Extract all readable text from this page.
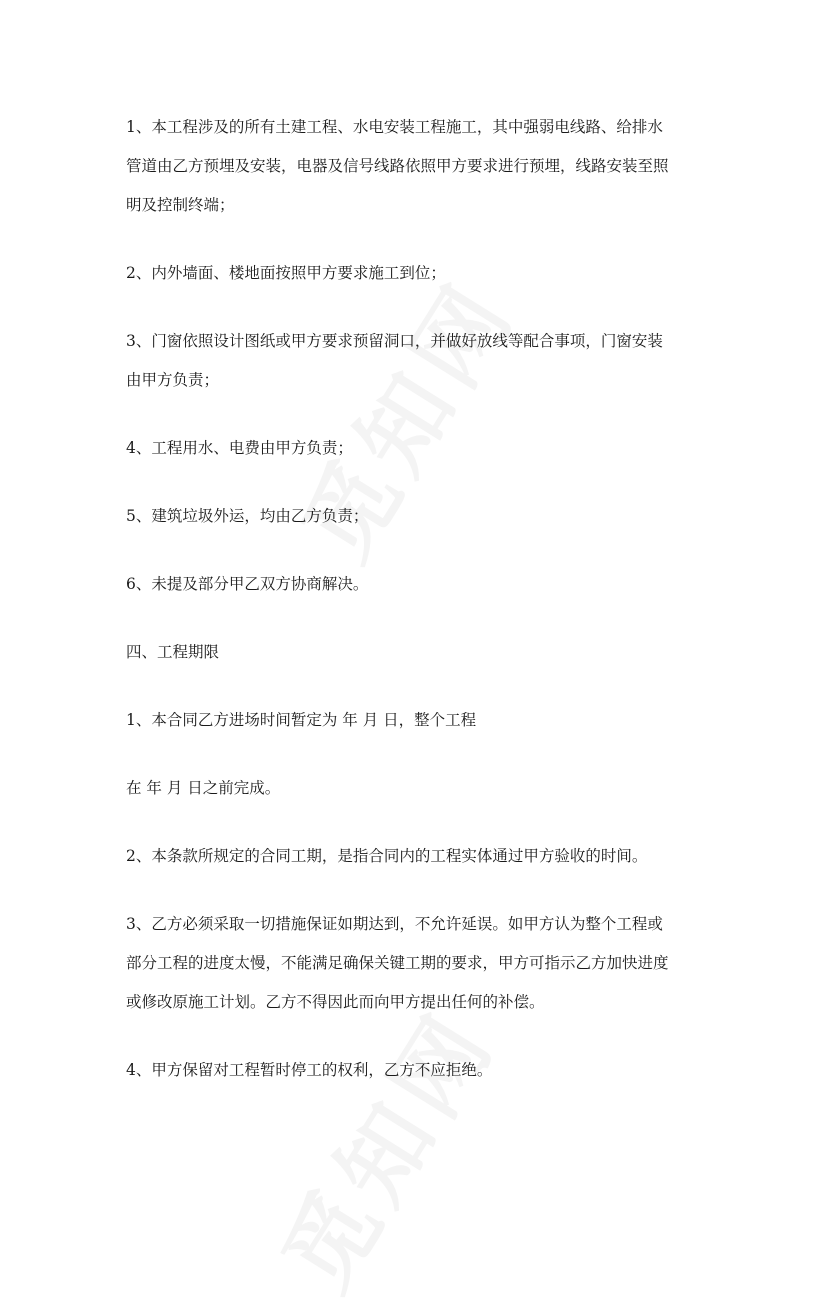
1、本工程涉及的所有土建工程、水电安装工程施工，其中强弱电线路、给排水

管道由乙方预埋及安装，电器及信号线路依照甲方要求进行预埋，线路安装至照

明及控制终端；

2、内外墙面、楼地面按照甲方要求施工到位；

3、门窗依照设计图纸或甲方要求预留洞口，并做好放线等配合事项，门窗安装

由甲方负责；

4、工程用水、电费由甲方负责；

5、建筑垃圾外运，均由乙方负责；

6、未提及部分甲乙双方协商解决。

四、工程期限

1、本合同乙方进场时间暂定为 年 月 日，整个工程

在 年 月 日之前完成。

2、本条款所规定的合同工期，是指合同内的工程实体通过甲方验收的时间。

3、乙方必须采取一切措施保证如期达到，不允许延误。如甲方认为整个工程或

部分工程的进度太慢，不能满足确保关键工期的要求，甲方可指示乙方加快进度

或修改原施工计划。乙方不得因此而向甲方提出任何的补偿。

4、甲方保留对工程暂时停工的权利，乙方不应拒绝。
